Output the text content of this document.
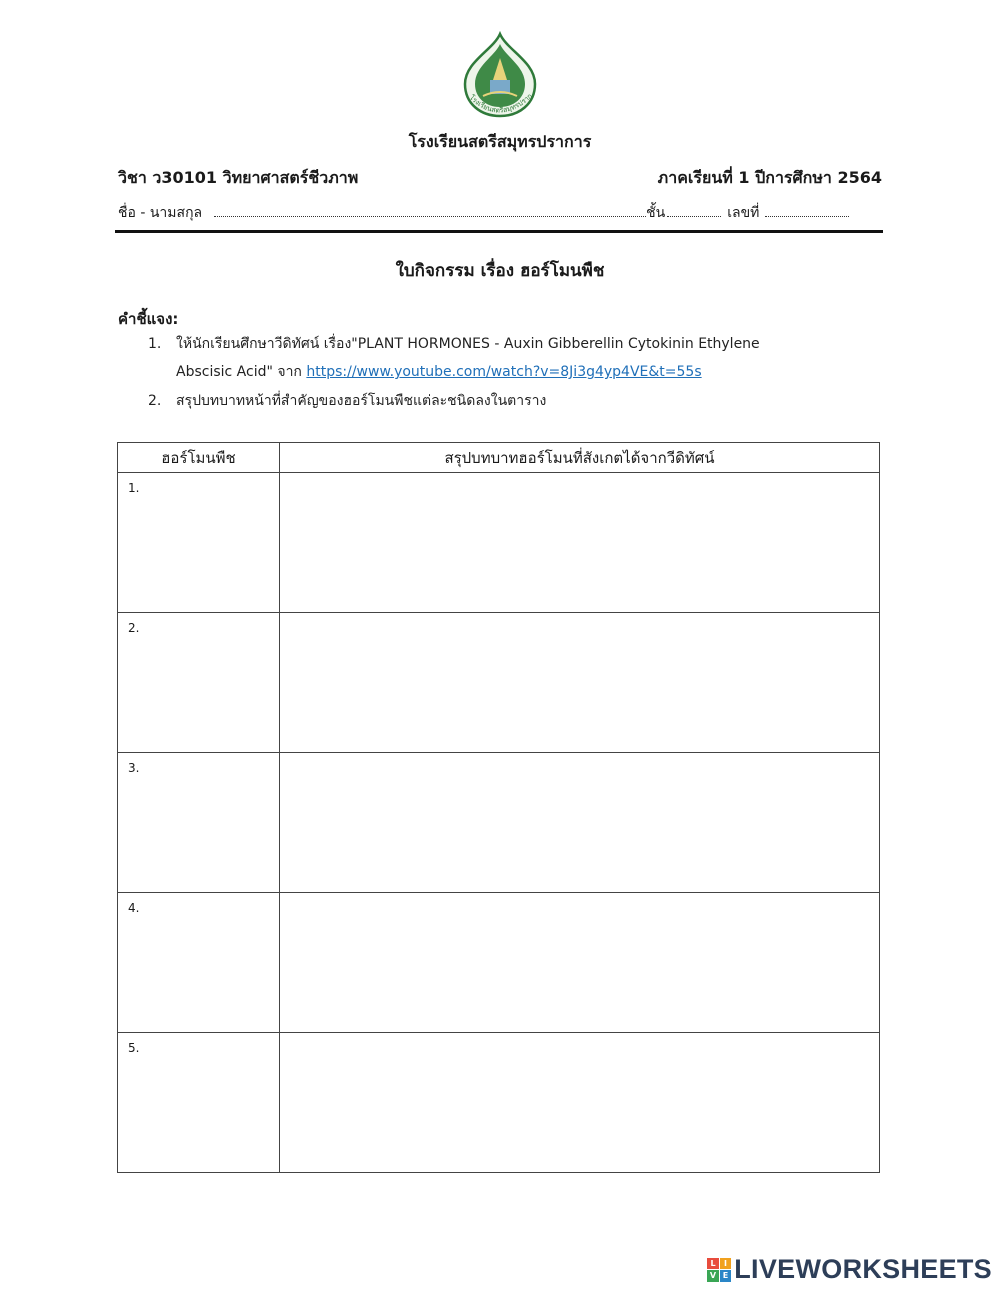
โรงเรียนสตรีสมุทรปราก
โรงเรียนสตรีสมุทรปราการ
วิชา ว30101 วิทยาศาสตร์ชีวภาพ	ภาคเรียนที่ 1 ปีการศึกษา 2564
ชื่อ - นามสกุล	ชั้น	เลขที่
ใบกิจกรรม เรื่อง ฮอร์โมนพืช
คำชี้แจง:
1. ให้นักเรียนศึกษาวีดิทัศน์ เรื่อง"PLANT HORMONES - Auxin Gibberellin Cytokinin Ethylene
Abscisic Acid" จาก https://www.youtube.com/watch?v=8Ji3g4yp4VE&t=55s
2. สรุปบทบาทหน้าที่สำคัญของฮอร์โมนพืชแต่ละชนิดลงในตาราง
ฮอร์โมนพืช	สรุปบทบาทฮอร์โมนที่สังเกตได้จากวีดิทัศน์
1.	
2.	
3.	
4.	
5.	
L	I
V E LIVEWORKSHEETS
